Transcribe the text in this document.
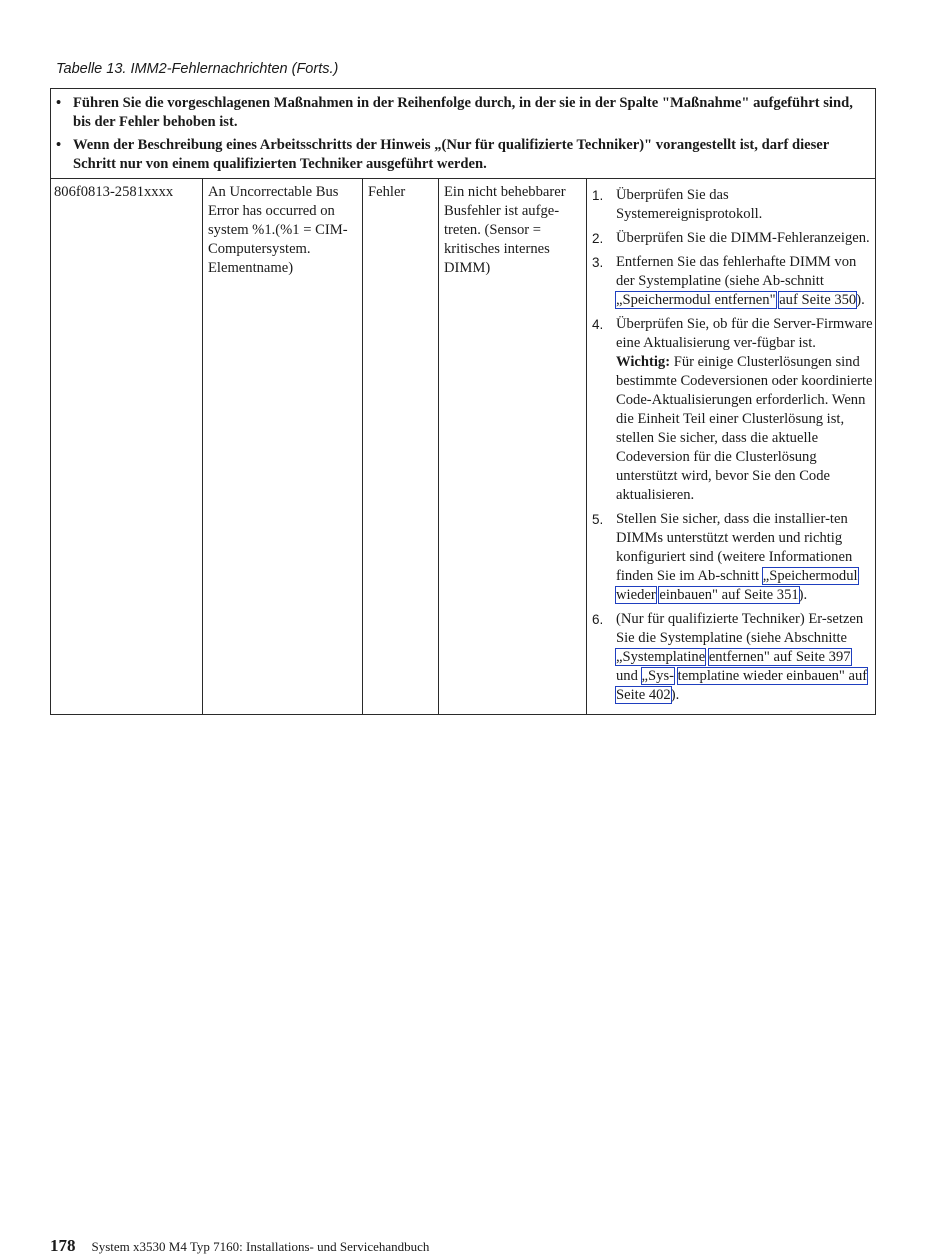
Tabelle 13. IMM2-Fehlernachrichten (Forts.)
• Führen Sie die vorgeschlagenen Maßnahmen in der Reihenfolge durch, in der sie in der Spalte "Maßnahme" aufgeführt sind, bis der Fehler behoben ist.
• Wenn der Beschreibung eines Arbeitsschritts der Hinweis „(Nur für qualifizierte Techniker)" vorangestellt ist, darf dieser Schritt nur von einem qualifizierten Techniker ausgeführt werden.
806f0813-2581xxxx	An Uncorrectable Bus Error has occurred on system %1.(%1 = CIM-Computersystem. Elementname)
Fehler	Ein nicht behebbarer Busfehler ist aufge-treten. (Sensor = kritisches internes DIMM)
1. Überprüfen Sie das Systemereignisprotokoll.
2. Überprüfen Sie die DIMM-Fehleranzeigen.
3. Entfernen Sie das fehlerhafte DIMM von der Systemplatine (siehe Ab-schnitt „Speichermodul entfernen" auf Seite 350).
4. Überprüfen Sie, ob für die Server-Firmware eine Aktualisierung ver-fügbar ist.
Wichtig: Für einige Clusterlösungen sind bestimmte Codeversionen oder koordinierte Code-Aktualisierungen erforderlich. Wenn die Einheit Teil einer Clusterlösung ist, stellen Sie sicher, dass die aktuelle Codeversion für die Clusterlösung unterstützt wird, bevor Sie den Code aktualisieren.
5. Stellen Sie sicher, dass die installier-ten DIMMs unterstützt werden und richtig konfiguriert sind (weitere Informationen finden Sie im Ab-schnitt „Speichermodul wieder einbauen" auf Seite 351).
6. (Nur für qualifizierte Techniker) Er-setzen Sie die Systemplatine (siehe Abschnitte „Systemplatine entfernen" auf Seite 397 und „Sys- templatine wieder einbauen" auf Seite 402).
178 System x3530 M4 Typ 7160: Installations- und Servicehandbuch
